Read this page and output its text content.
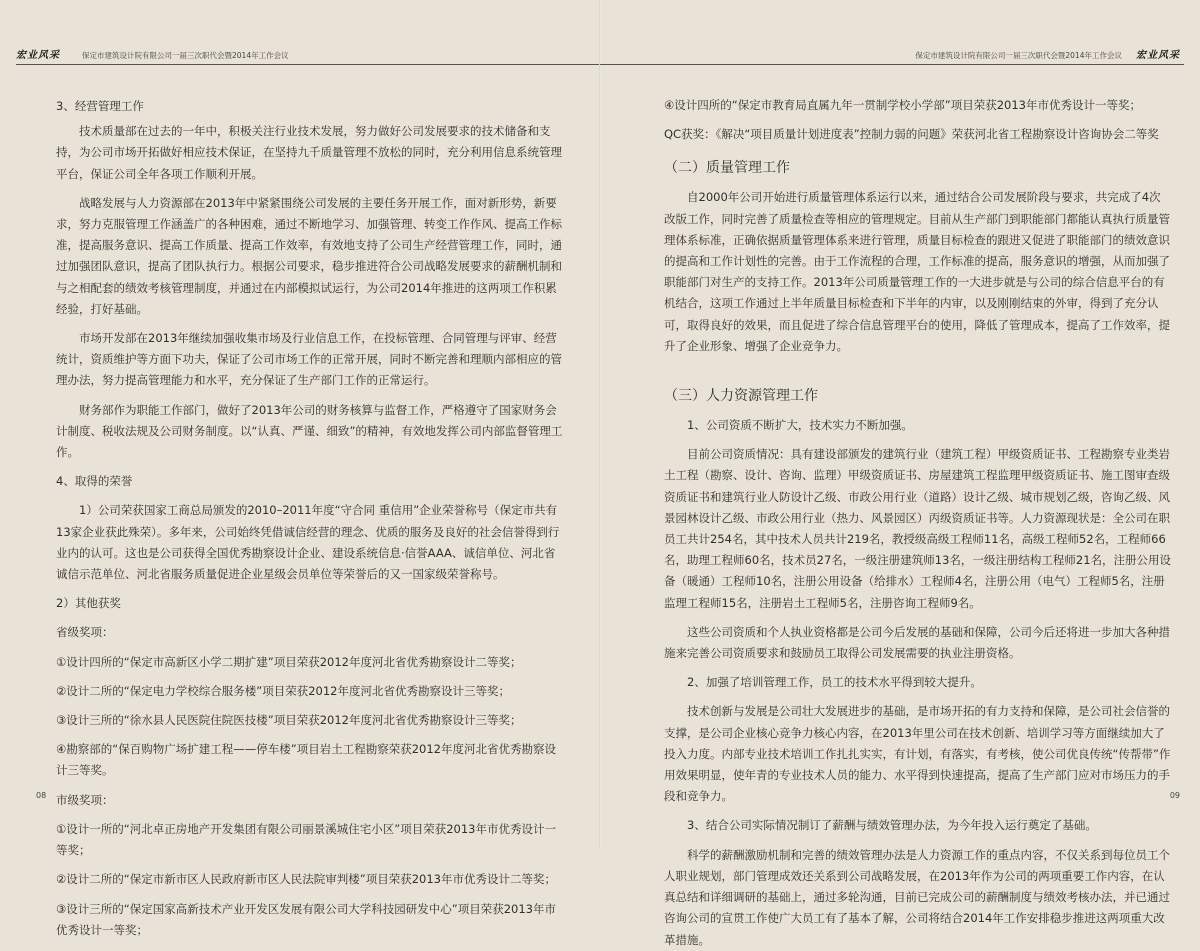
宏业风采	保定市建筑设计院有限公司一届三次职代会暨2014年工作会议

3、经营管理工作

技术质量部在过去的一年中，积极关注行业技术发展，努力做好公司发展要求的技术储备和支持，为公司市场开拓做好相应技术保证，在坚持九千质量管理不放松的同时，充分利用信息系统管理平台，保证公司全年各项工作顺利开展。

战略发展与人力资源部在2013年中紧紧围绕公司发展的主要任务开展工作，面对新形势，新要求，努力克服管理工作涵盖广的各种困难，通过不断地学习、加强管理、转变工作作风、提高工作标准，提高服务意识、提高工作质量、提高工作效率，有效地支持了公司生产经营管理工作，同时，通过加强团队意识，提高了团队执行力。根据公司要求，稳步推进符合公司战略发展要求的薪酬机制和与之相配套的绩效考核管理制度，并通过在内部模拟试运行，为公司2014年推进的这两项工作积累经验，打好基础。

市场开发部在2013年继续加强收集市场及行业信息工作，在投标管理、合同管理与评审、经营统计，资质维护等方面下功夫，保证了公司市场工作的正常开展，同时不断完善和理顺内部相应的管理办法，努力提高管理能力和水平，充分保证了生产部门工作的正常运行。

财务部作为职能工作部门，做好了2013年公司的财务核算与监督工作，严格遵守了国家财务会计制度、税收法规及公司财务制度。以“认真、严谨、细致”的精神，有效地发挥公司内部监督管理工作。

4、取得的荣誉

1）公司荣获国家工商总局颁发的2010–2011年度“守合同 重信用”企业荣誉称号（保定市共有13家企业获此殊荣）。多年来，公司始终凭借诚信经营的理念、优质的服务及良好的社会信誉得到行业内的认可。这也是公司获得全国优秀勘察设计企业、建设系统信息·信誉AAA、诚信单位、河北省诚信示范单位、河北省服务质量促进企业星级会员单位等荣誉后的又一国家级荣誉称号。

2）其他获奖

省级奖项：

①设计四所的“保定市高新区小学二期扩建”项目荣获2012年度河北省优秀勘察设计二等奖；

②设计二所的“保定电力学校综合服务楼”项目荣获2012年度河北省优秀勘察设计三等奖；

③设计三所的“徐水县人民医院住院医技楼”项目荣获2012年度河北省优秀勘察设计三等奖；

④勘察部的“保百购物广场扩建工程——停车楼”项目岩土工程勘察荣获2012年度河北省优秀勘察设计三等奖。

市级奖项：

①设计一所的“河北卓正房地产开发集团有限公司丽景溪城住宅小区”项目荣获2013年市优秀设计一等奖；

②设计二所的“保定市新市区人民政府新市区人民法院审判楼”项目荣获2013年市优秀设计二等奖；

③设计三所的“保定国家高新技术产业开发区发展有限公司大学科技园研发中心”项目荣获2013年市优秀设计一等奖；

08
保定市建筑设计院有限公司一届三次职代会暨2014年工作会议 宏业风采

④设计四所的“保定市教育局直属九年一贯制学校小学部”项目荣获2013年市优秀设计一等奖；

QC获奖：《解决“项目质量计划进度表”控制力弱的问题》荣获河北省工程勘察设计咨询协会二等奖

（二）质量管理工作

自2000年公司开始进行质量管理体系运行以来，通过结合公司发展阶段与要求，共完成了4次改版工作，同时完善了质量检查等相应的管理规定。目前从生产部门到职能部门都能认真执行质量管理体系标准，正确依据质量管理体系来进行管理，质量目标检查的跟进又促进了职能部门的绩效意识的提高和工作计划性的完善。由于工作流程的合理，工作标准的提高，服务意识的增强，从而加强了职能部门对生产的支持工作。2013年公司质量管理工作的一大进步就是与公司的综合信息平台的有机结合，这项工作通过上半年质量目标检查和下半年的内审，以及刚刚结束的外审，得到了充分认可，取得良好的效果，而且促进了综合信息管理平台的使用，降低了管理成本，提高了工作效率，提升了企业形象、增强了企业竞争力。

（三）人力资源管理工作

1、公司资质不断扩大，技术实力不断加强。

目前公司资质情况：具有建设部颁发的建筑行业（建筑工程）甲级资质证书、工程勘察专业类岩土工程（勘察、设计、咨询、监理）甲级资质证书、房屋建筑工程监理甲级资质证书、施工图审查级资质证书和建筑行业人防设计乙级、市政公用行业（道路）设计乙级、城市规划乙级，咨询乙级、风景园林设计乙级、市政公用行业（热力、风景园区）丙级资质证书等。人力资源现状是：全公司在职员工共计254名，其中技术人员共计219名，教授级高级工程师11名，高级工程师52名，工程师66名，助理工程师60名，技术员27名，一级注册建筑师13名，一级注册结构工程师21名，注册公用设备（暖通）工程师10名，注册公用设备（给排水）工程师4名，注册公用（电气）工程师5名，注册监理工程师15名，注册岩土工程师5名，注册咨询工程师9名。

这些公司资质和个人执业资格都是公司今后发展的基础和保障，公司今后还将进一步加大各种措施来完善公司资质要求和鼓励员工取得公司发展需要的执业注册资格。

2、加强了培训管理工作，员工的技术水平得到较大提升。

技术创新与发展是公司壮大发展进步的基础，是市场开拓的有力支持和保障，是公司社会信誉的支撑，是公司企业核心竞争力核心内容，在2013年里公司在技术创新、培训学习等方面继续加大了投入力度。内部专业技术培训工作扎扎实实，有计划，有落实，有考核，使公司优良传统“传帮带”作用效果明显，使年青的专业技术人员的能力、水平得到快速提高，提高了生产部门应对市场压力的手段和竞争力。

3、结合公司实际情况制订了薪酬与绩效管理办法，为今年投入运行奠定了基础。

科学的薪酬激励机制和完善的绩效管理办法是人力资源工作的重点内容，不仅关系到每位员工个人职业规划，部门管理成效还关系到公司战略发展，在2013年作为公司的两项重要工作内容，在认真总结和详细调研的基础上，通过多轮沟通，目前已完成公司的薪酬制度与绩效考核办法，并已通过咨询公司的宣贯工作使广大员工有了基本了解，公司将结合2014年工作安排稳步推进这两项重大改革措施。

09
